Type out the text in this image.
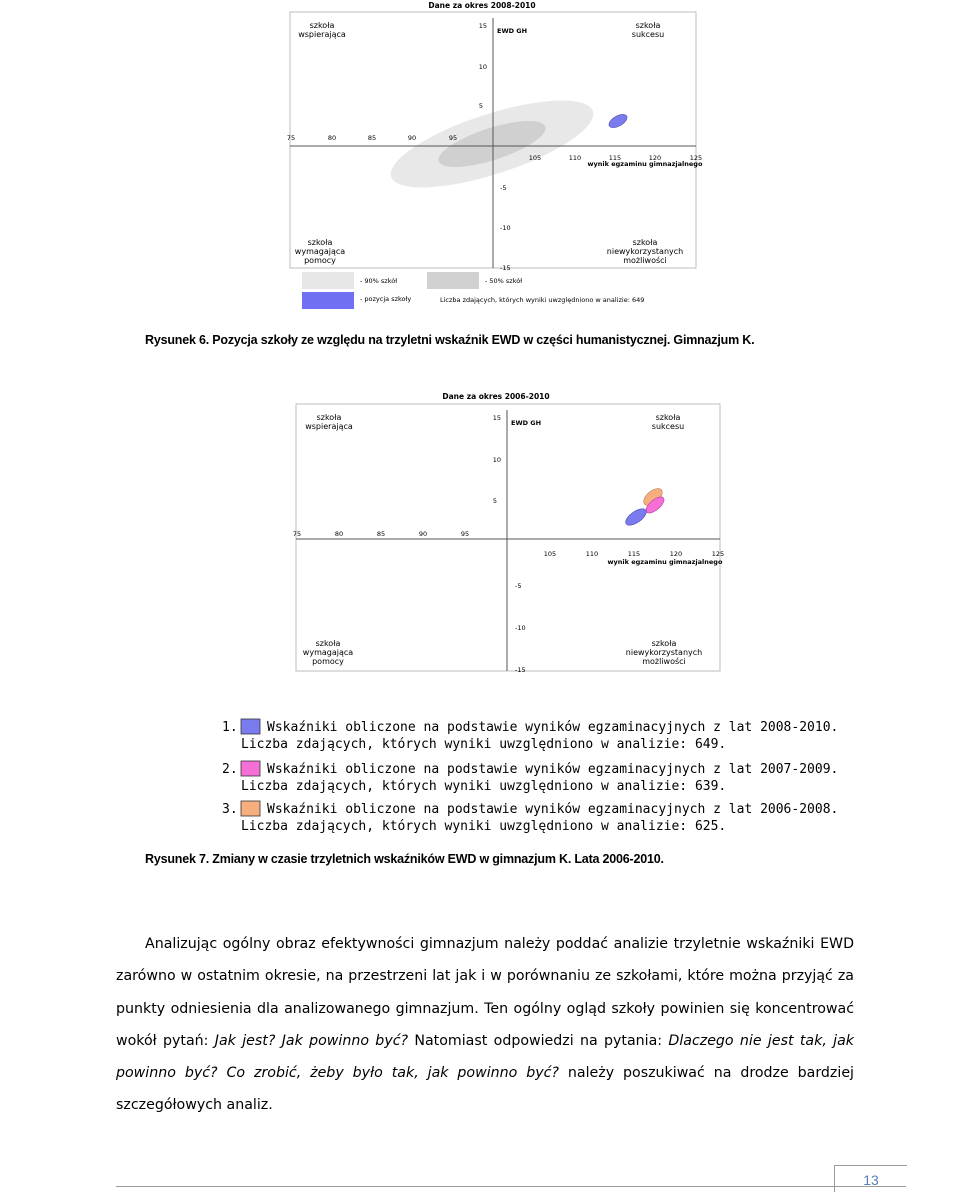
Dane za okres 2008-2010
EWD GH
wynik egzaminu gimnazjalnego
75	80	85	90	95
105	110	115	120	125
15
10
5
-5
-10
-15
szkoła
wspierająca
szkoła
sukcesu
szkoła
wymagająca
pomocy
szkoła
niewykorzystanych
możliwości
- 90% szkół	- 50% szkół
- pozycja szkoły	Liczba zdających, których wyniki uwzględniono w analizie: 649
Rysunek 6. Pozycja szkoły ze względu na trzyletni wskaźnik EWD w części humanistycznej. Gimnazjum K.
Dane za okres 2006-2010
EWD GH
wynik egzaminu gimnazjalnego
75	80	85	90	95
105	110	115	120	125
15
10
5
-5
-10
-15
szkoła
wspierająca
szkoła
sukcesu
szkoła
wymagająca
pomocy
szkoła
niewykorzystanych
możliwości
1. Wskaźniki obliczone na podstawie wyników egzaminacyjnych z lat 2008-2010.
Liczba zdających, których wyniki uwzględniono w analizie: 649.
2. Wskaźniki obliczone na podstawie wyników egzaminacyjnych z lat 2007-2009.
Liczba zdających, których wyniki uwzględniono w analizie: 639.
3. Wskaźniki obliczone na podstawie wyników egzaminacyjnych z lat 2006-2008.
Liczba zdających, których wyniki uwzględniono w analizie: 625.
Rysunek 7. Zmiany w czasie trzyletnich wskaźników EWD w gimnazjum K. Lata 2006-2010.
Analizując ogólny obraz efektywności gimnazjum należy poddać analizie trzyletnie wskaźniki EWD zarówno w ostatnim okresie, na przestrzeni lat jak i w porównaniu ze szkołami, które można przyjąć za punkty odniesienia dla analizowanego gimnazjum. Ten ogólny ogląd szkoły powinien się koncentrować wokół pytań: Jak jest? Jak powinno być? Natomiast odpowiedzi na pytania: Dlaczego nie jest tak, jak powinno być? Co zrobić, żeby było tak, jak powinno być? należy poszukiwać na drodze bardziej szczegółowych analiz.
13
